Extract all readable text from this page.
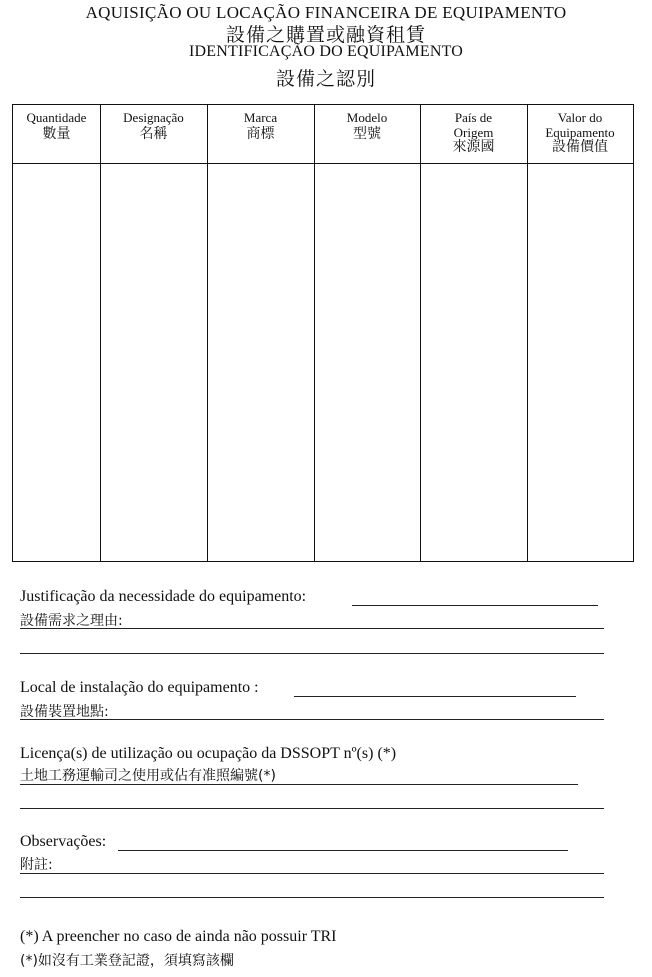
AQUISIÇÃO OU LOCAÇÃO FINANCEIRA DE EQUIPAMENTO
設備之購置或融資租賃
IDENTIFICAÇÃO DO EQUIPAMENTO
設備之認別
Quantidade
數量
Designação
名稱
Marca
商標
Modelo
型號
País de
Origem
來源國
Valor do
Equipamento
設備價值
Justificação da necessidade do equipamento:
設備需求之理由:
Local de instalação do equipamento :
設備裝置地點:
Licença(s) de utilização ou ocupação da DSSOPT nº(s) (*)
土地工務運輸司之使用或佔有准照編號(*)
Observações:
附註:
(*) A preencher no caso de ainda não possuir TRI
(*)如沒有工業登記證，須填寫該欄
